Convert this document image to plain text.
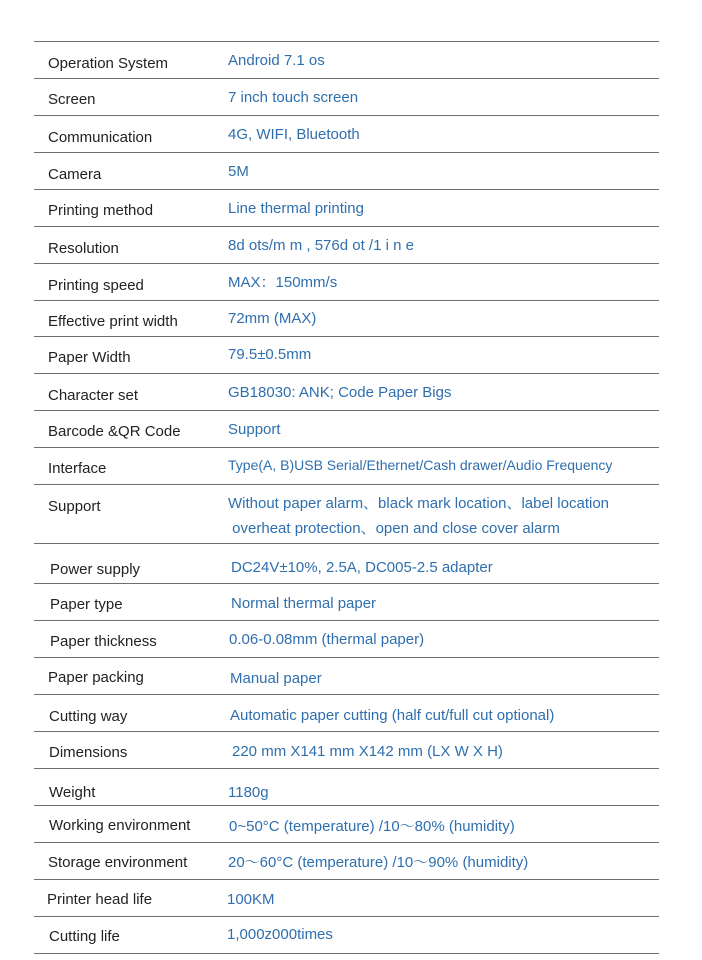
Operation System	Android 7.1 os
Screen	7 inch touch screen
Communication	4G, WIFI, Bluetooth
Camera	5M
Printing method	Line thermal printing
Resolution	8d ots/m m , 576d ot /1 i n e
Printing speed	MAX：150mm/s
Effective print width	72mm (MAX)
Paper Width	79.5±0.5mm
Character set	GB18030: ANK; Code Paper Bigs
Barcode &QR Code	Support
Interface	Type(A, B)USB Serial/Ethernet/Cash drawer/Audio Frequency
Support	Without paper alarm、black mark location、label location
overheat protection、open and close cover alarm
Power supply	DC24V±10%, 2.5A, DC005-2.5 adapter
Paper type	Normal thermal paper
Paper thickness	0.06-0.08mm (thermal paper)
Paper packing	Manual paper
Cutting way	Automatic paper cutting (half cut/full cut optional)
Dimensions	220 mm X141 mm X142 mm (LX W X H)
Weight	1180g
Working environment	0~50°C (temperature) /10〜80% (humidity)
Storage environment	20〜60°C (temperature) /10〜90% (humidity)
Printer head life	100KM
Cutting life	1,000z000times
